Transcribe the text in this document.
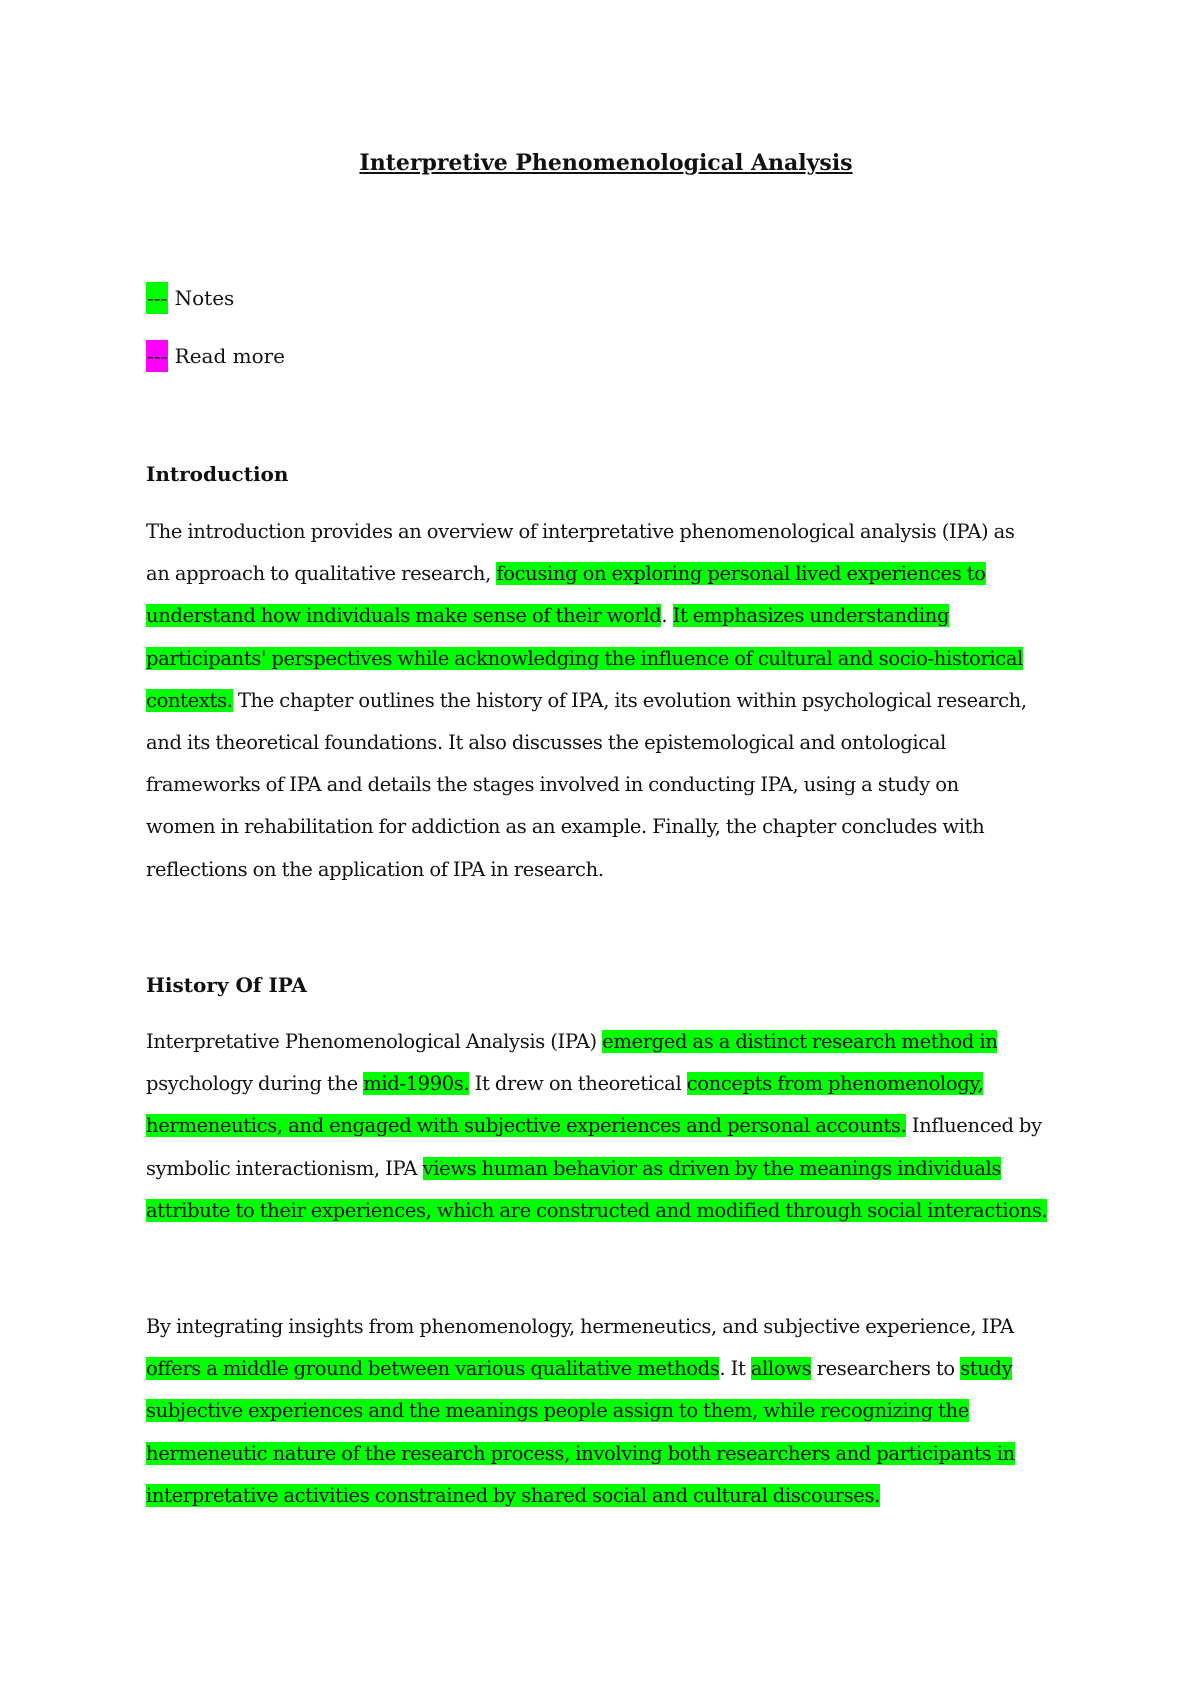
Interpretive Phenomenological Analysis
--- Notes
--- Read more
Introduction
The introduction provides an overview of interpretative phenomenological analysis (IPA) as
an approach to qualitative research, focusing on exploring personal lived experiences to
understand how individuals make sense of their world. It emphasizes understanding
participants' perspectives while acknowledging the influence of cultural and socio-historical
contexts. The chapter outlines the history of IPA, its evolution within psychological research,
and its theoretical foundations. It also discusses the epistemological and ontological
frameworks of IPA and details the stages involved in conducting IPA, using a study on
women in rehabilitation for addiction as an example. Finally, the chapter concludes with
reflections on the application of IPA in research.
History Of IPA
Interpretative Phenomenological Analysis (IPA) emerged as a distinct research method in
psychology during the mid-1990s. It drew on theoretical concepts from phenomenology,
hermeneutics, and engaged with subjective experiences and personal accounts. Influenced by
symbolic interactionism, IPA views human behavior as driven by the meanings individuals
attribute to their experiences, which are constructed and modified through social interactions.
By integrating insights from phenomenology, hermeneutics, and subjective experience, IPA
offers a middle ground between various qualitative methods. It allows researchers to study
subjective experiences and the meanings people assign to them, while recognizing the
hermeneutic nature of the research process, involving both researchers and participants in
interpretative activities constrained by shared social and cultural discourses.
